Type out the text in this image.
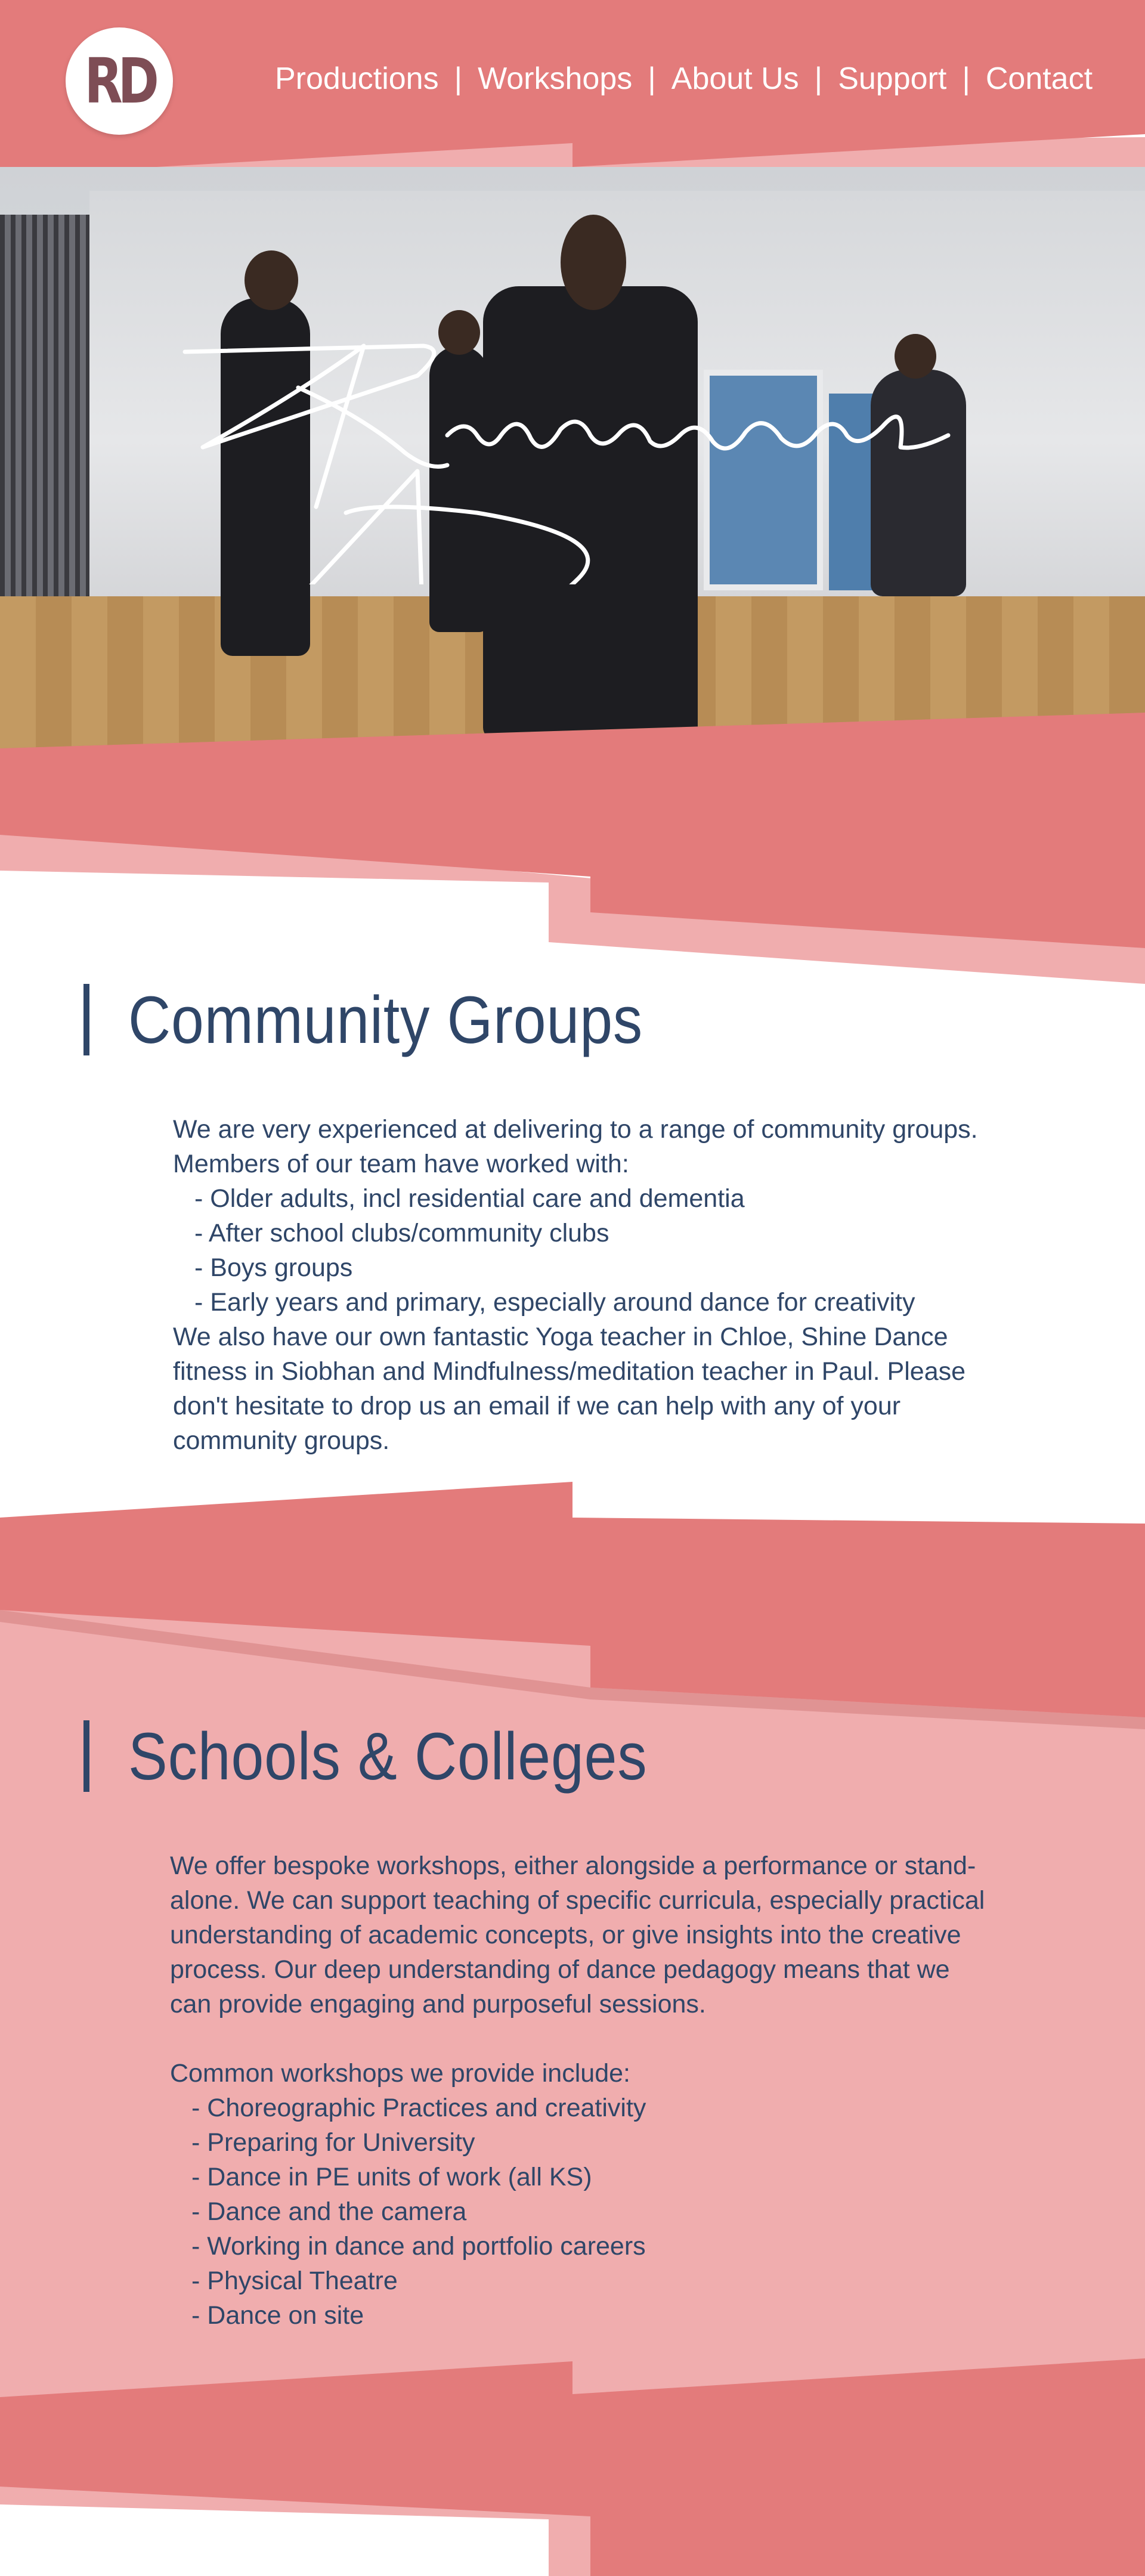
RD	Productions | Workshops | About Us | Support | Contact
Community Groups

We are very experienced at delivering to a range of community groups. Members of our team have worked with:

- Older adults, incl residential care and dementia
- After school clubs/community clubs
- Boys groups
- Early years and primary, especially around dance for creativity

We also have our own fantastic Yoga teacher in Chloe, Shine Dance fitness in Siobhan and Mindfulness/meditation teacher in Paul. Please don't hesitate to drop us an email if we can help with any of your community groups.

Schools & Colleges

We offer bespoke workshops, either alongside a performance or stand-alone. We can support teaching of specific curricula, especially practical understanding of academic concepts, or give insights into the creative process. Our deep understanding of dance pedagogy means that we can provide engaging and purposeful sessions.

Common workshops we provide include:

- Choreographic Practices and creativity
- Preparing for University
- Dance in PE units of work (all KS)
- Dance and the camera
- Working in dance and portfolio careers
- Physical Theatre
- Dance on site
